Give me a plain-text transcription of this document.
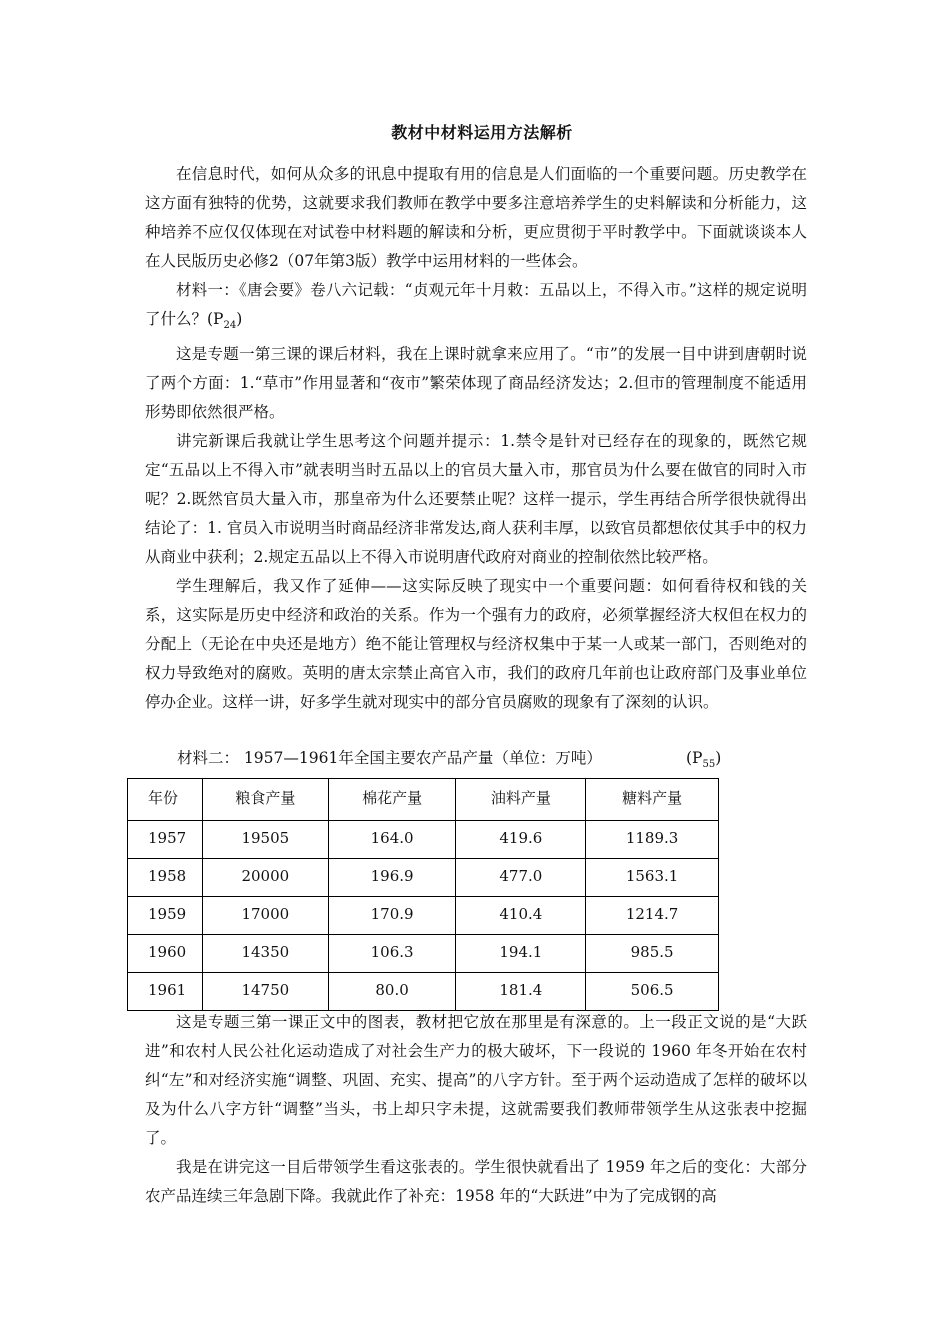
教材中材料运用方法解析

在信息时代，如何从众多的讯息中提取有用的信息是人们面临的一个重要问题。历史教学在这方面有独特的优势，这就要求我们教师在教学中要多注意培养学生的史料解读和分析能力，这种培养不应仅仅体现在对试卷中材料题的解读和分析，更应贯彻于平时教学中。下面就谈谈本人在人民版历史必修2（07年第3版）教学中运用材料的一些体会。

材料一：《唐会要》卷八六记载：“贞观元年十月敕：五品以上，不得入市。”这样的规定说明了什么？$(P_{24})$

这是专题一第三课的课后材料，我在上课时就拿来应用了。“市”的发展一目中讲到唐朝时说了两个方面：1.“草市”作用显著和“夜市”繁荣体现了商品经济发达；2.但市的管理制度不能适用形势即依然很严格。

讲完新课后我就让学生思考这个问题并提示：1.禁令是针对已经存在的现象的，既然它规定“五品以上不得入市”就表明当时五品以上的官员大量入市，那官员为什么要在做官的同时入市呢？2.既然官员大量入市，那皇帝为什么还要禁止呢？这样一提示，学生再结合所学很快就得出结论了：1. 官员入市说明当时商品经济非常发达,商人获利丰厚，以致官员都想依仗其手中的权力从商业中获利；2.规定五品以上不得入市说明唐代政府对商业的控制依然比较严格。

学生理解后，我又作了延伸——这实际反映了现实中一个重要问题：如何看待权和钱的关系，这实际是历史中经济和政治的关系。作为一个强有力的政府，必须掌握经济大权但在权力的分配上（无论在中央还是地方）绝不能让管理权与经济权集中于某一人或某一部门，否则绝对的权力导致绝对的腐败。英明的唐太宗禁止高官入市，我们的政府几年前也让政府部门及事业单位停办企业。这样一讲，好多学生就对现实中的部分官员腐败的现象有了深刻的认识。

材料二： 1957—1961年全国主要农产品产量（单位：万吨）	$(P_{55})$
年份	粮食产量	棉花产量	油料产量	糖料产量
1957	19505	164.0	419.6	1189.3
1958	20000	196.9	477.0	1563.1
1959	17000	170.9	410.4	1214.7
1960	14350	106.3	194.1	985.5
1961	14750	80.0	181.4	506.5

这是专题三第一课正文中的图表，教材把它放在那里是有深意的。上一段正文说的是“大跃进”和农村人民公社化运动造成了对社会生产力的极大破坏，下一段说的 1960 年冬开始在农村纠“左”和对经济实施“调整、巩固、充实、提高”的八字方针。至于两个运动造成了怎样的破坏以及为什么八字方针“调整”当头，书上却只字未提，这就需要我们教师带领学生从这张表中挖掘了。

我是在讲完这一目后带领学生看这张表的。学生很快就看出了 1959 年之后的变化：大部分农产品连续三年急剧下降。我就此作了补充：1958 年的“大跃进”中为了完成钢的高
